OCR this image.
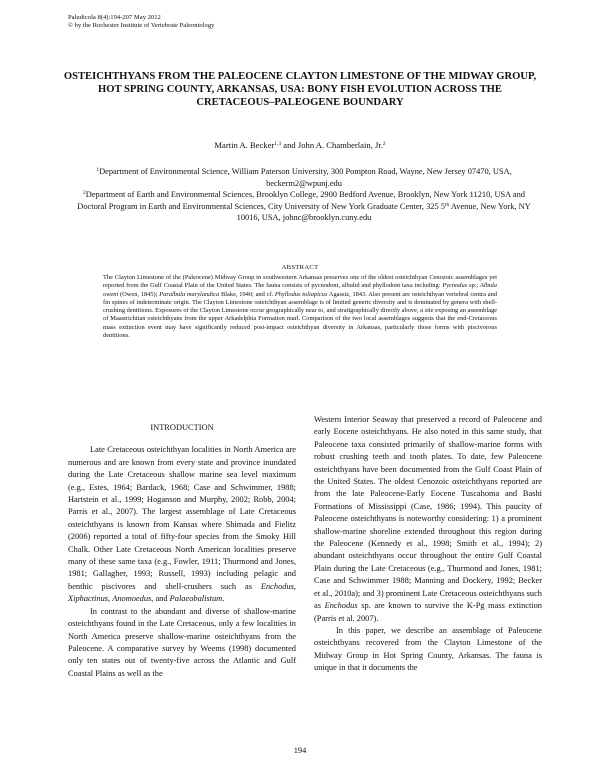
Paludicola 8(4):194-207 May 2012
© by the Rochester Institute of Vertebrate Paleontology
OSTEICHTHYANS FROM THE PALEOCENE CLAYTON LIMESTONE OF THE MIDWAY GROUP, HOT SPRING COUNTY, ARKANSAS, USA: BONY FISH EVOLUTION ACROSS THE CRETACEOUS–PALEOGENE BOUNDARY
Martin A. Becker$^{1,3}$ and John A. Chamberlain, Jr.$^2$
$^1$Department of Environmental Science, William Paterson University, 300 Pompton Road, Wayne, New Jersey 07470, USA, beckerm2@wpunj.edu
$^2$Department of Earth and Environmental Sciences, Brooklyn College, 2900 Bedford Avenue, Brooklyn, New York 11210, USA and Doctoral Program in Earth and Environmental Sciences, City University of New York Graduate Center, 325 5th Avenue, New York, NY 10016, USA, johnc@brooklyn.cuny.edu
ABSTRACT
The Clayton Limestone of the (Paleocene) Midway Group in southwestern Arkansas preserves one of the oldest osteichthyan Cenozoic assemblages yet reported from the Gulf Coastal Plain of the United States. The fauna consists of pycnodont, albulid and phyllodont taxa including: Pycnodus sp.; Albula oweni (Owen, 1845); Paralbula marylandica Blake, 1940; and cf. Phyllodus toliapicus Agassiz, 1843. Also present are osteichthyan vertebral centra and fin spines of indeterminate origin. The Clayton Limestone osteichthyan assemblage is of limited generic diversity and is dominated by genera with shell-crushing dentitions. Exposures of the Clayton Limestone occur geographically near to, and stratigraphically directly above, a site exposing an assemblage of Maastrichtian osteichthyans from the upper Arkadelphia Formation marl. Comparison of the two local assemblages suggests that the end-Cretaceous mass extinction event may have significantly reduced post-impact osteichthyan diversity in Arkansas, particularly those forms with piscivorous dentitions.
INTRODUCTION

Late Cretaceous osteichthyan localities in North America are numerous and are known from every state and province inundated during the Late Cretaceous shallow marine sea level maximum (e.g., Estes, 1964; Bardack, 1968; Case and Schwimmer, 1988; Hartstein et al., 1999; Hoganson and Murphy, 2002; Robb, 2004; Parris et al., 2007). The largest assemblage of Late Cretaceous osteichthyans is known from Kansas where Shimada and Fielitz (2006) reported a total of fifty-four species from the Smoky Hill Chalk. Other Late Cretaceous North American localities preserve many of these same taxa (e.g., Fowler, 1911; Thurmond and Jones, 1981; Gallagher, 1993; Russell, 1993) including pelagic and benthic piscivores and shell-crushers such as Enchodus, Xiphactinus, Anomoedus, and Palaeobalistum.

In contrast to the abundant and diverse of shallow-marine osteichthyans found in the Late Cretaceous, only a few localities in North America preserve shallow-marine osteichthyans from the Paleocene. A comparative survey by Weems (1998) documented only ten states out of twenty-five across the Atlantic and Gulf Coastal Plains as well as the

Western Interior Seaway that preserved a record of Paleocene and early Eocene osteichthyans. He also noted in this same study, that Paleocene taxa consisted primarily of shallow-marine forms with robust crushing teeth and tooth plates. To date, few Paleocene osteichthyans have been documented from the Gulf Coast Plain of the United States. The oldest Cenozoic osteichthyans reported are from the late Paleocene-Early Eocene Tuscahoma and Bashi Formations of Mississippi (Case, 1986; 1994). This paucity of Paleocene osteichthyans is noteworthy considering: 1) a prominent shallow-marine shoreline extended throughout this region during the Paleocene (Kennedy et al., 1998; Smith et al., 1994); 2) abundant osteichthyans occur throughout the entire Gulf Coastal Plain during the Late Cretaceous (e.g., Thurmond and Jones, 1981; Case and Schwimmer 1988; Manning and Dockery, 1992; Becker et al., 2010a); and 3) prominent Late Cretaceous osteichthyans such as Enchodus sp. are known to survive the K-Pg mass extinction (Parris et al. 2007).

In this paper, we describe an assemblage of Paleocene osteichthyans recovered from the Clayton Limestone of the Midway Group in Hot Spring County, Arkansas. The fauna is unique in that it documents the

194
